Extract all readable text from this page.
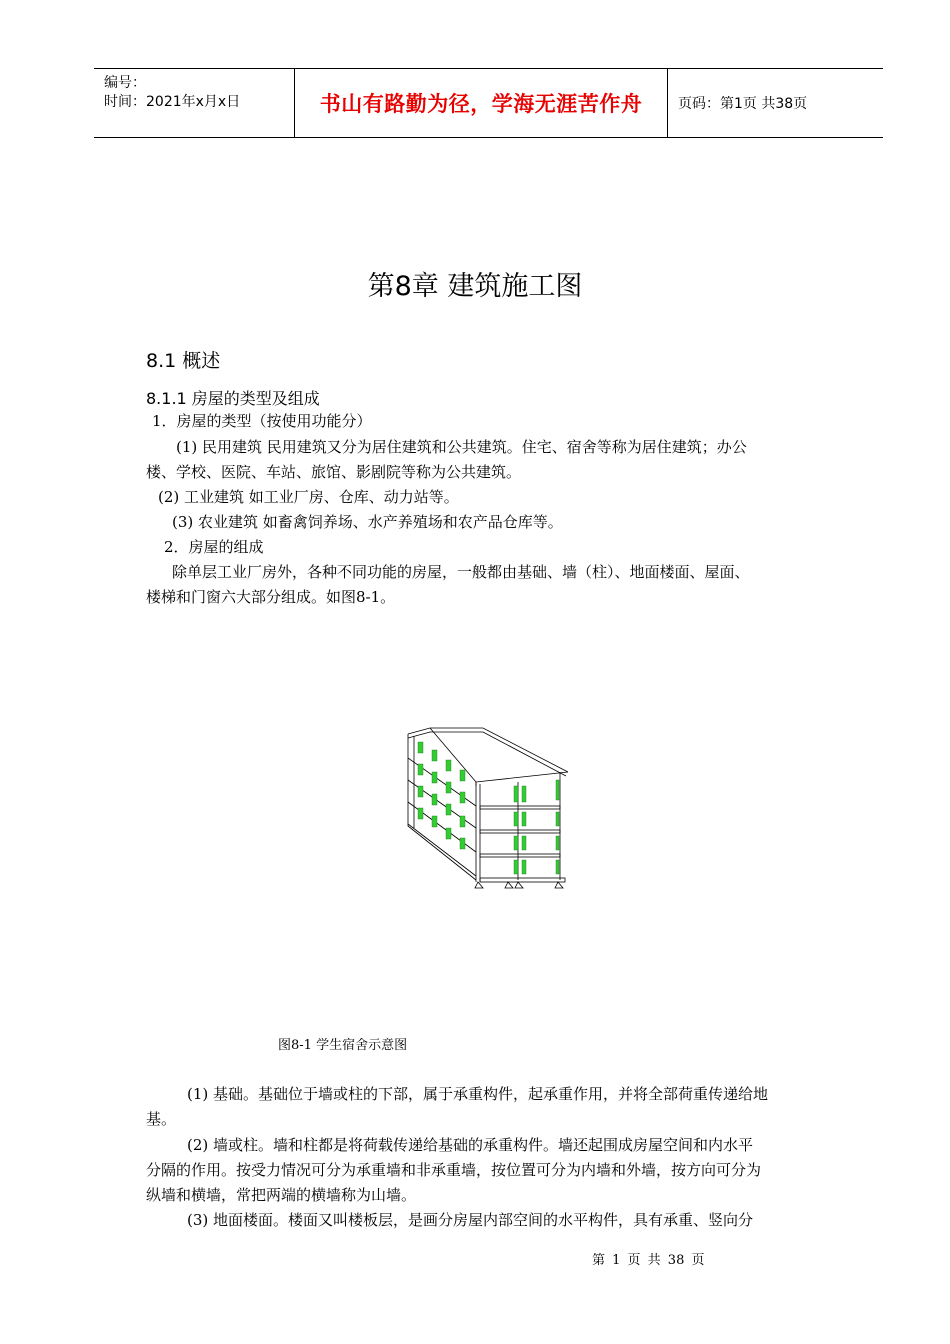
编号：
时间：2021年x月x日	书山有路勤为径，学海无涯苦作舟	页码：第1页 共38页
第8章 建筑施工图
8.1 概述
8.1.1 房屋的类型及组成
1．房屋的类型（按使用功能分）
(1) 民用建筑 民用建筑又分为居住建筑和公共建筑。住宅、宿舍等称为居住建筑；办公
楼、学校、医院、车站、旅馆、影剧院等称为公共建筑。
(2) 工业建筑 如工业厂房、仓库、动力站等。
(3) 农业建筑 如畜禽饲养场、水产养殖场和农产品仓库等。
2．房屋的组成
除单层工业厂房外，各种不同功能的房屋，一般都由基础、墙（柱）、地面楼面、屋面、
楼梯和门窗六大部分组成。如图8-1。
图8-1 学生宿舍示意图
(1) 基础。基础位于墙或柱的下部，属于承重构件，起承重作用，并将全部荷重传递给地
基。
(2) 墙或柱。墙和柱都是将荷载传递给基础的承重构件。墙还起围成房屋空间和内水平
分隔的作用。按受力情况可分为承重墙和非承重墙，按位置可分为内墙和外墙，按方向可分为
纵墙和横墙，常把两端的横墙称为山墙。
(3) 地面楼面。楼面又叫楼板层，是画分房屋内部空间的水平构件，具有承重、竖向分
第 1 页 共 38 页
